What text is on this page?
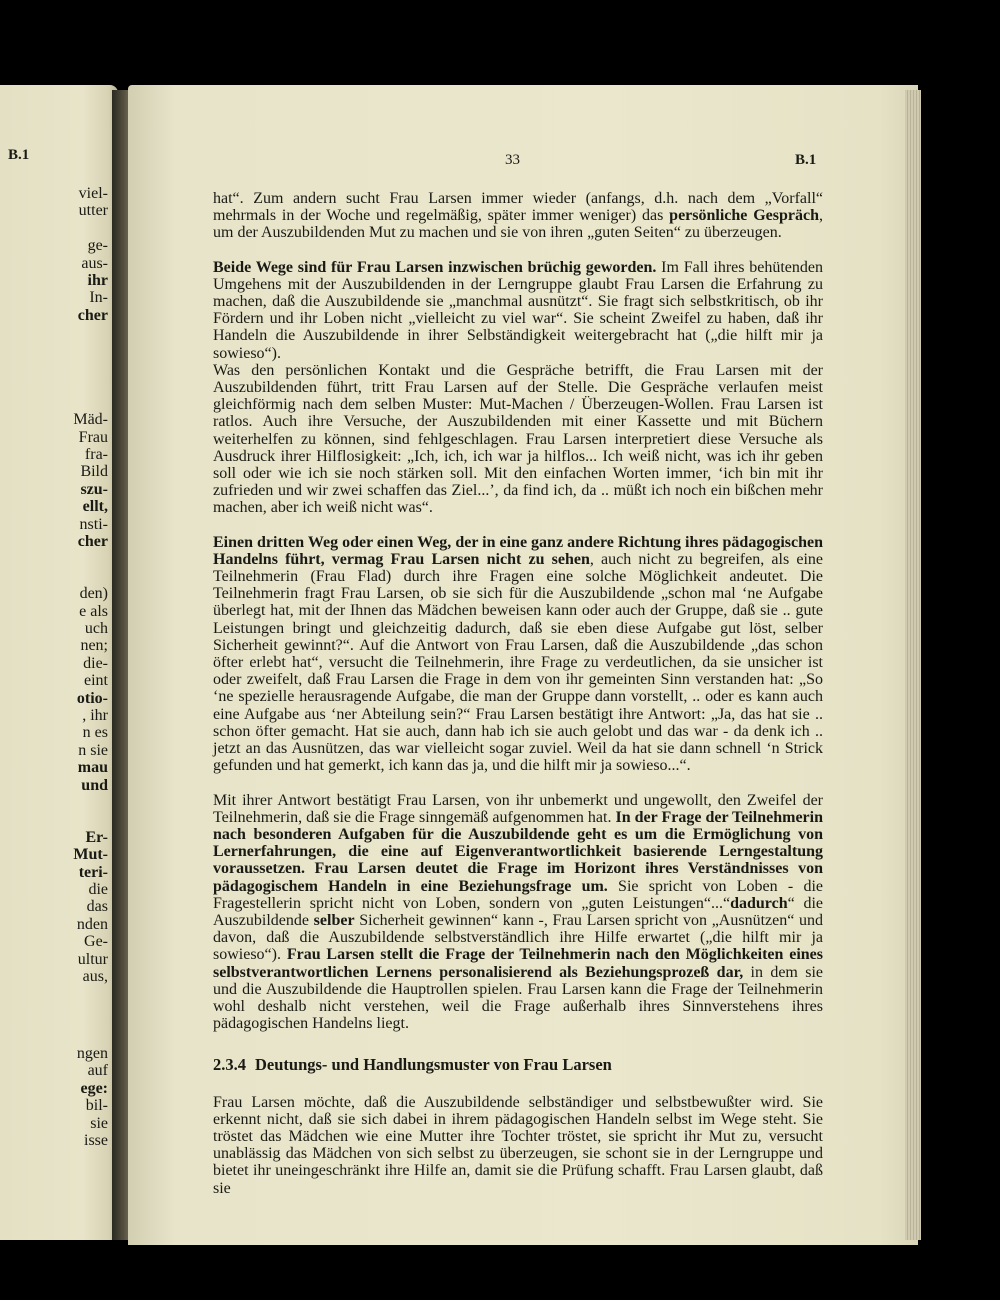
B.1
viel-
utter
ge-
aus-
ihr
In-
cher
Mäd-
Frau
fra-
Bild
szu-
ellt,
nsti-
cher
den)
e als
uch
nen;
die-
eint
otio-
, ihr
n es
n sie
mau
und
Er-
Mut-
teri-
die
das
nden
Ge-
ultur
aus,
ngen
auf
ege:
bil-
sie
isse
33	B.1

hat“. Zum andern sucht Frau Larsen immer wieder (anfangs, d.h. nach dem „Vorfall“ mehrmals in der Woche und regelmäßig, später immer weniger) das persönliche Gespräch, um der Auszubildenden Mut zu machen und sie von ihren „guten Seiten“ zu überzeugen.

Beide Wege sind für Frau Larsen inzwischen brüchig geworden. Im Fall ihres behütenden Umgehens mit der Auszubildenden in der Lerngruppe glaubt Frau Larsen die Erfahrung zu machen, daß die Auszubildende sie „manchmal ausnützt“. Sie fragt sich selbstkritisch, ob ihr Fördern und ihr Loben nicht „vielleicht zu viel war“. Sie scheint Zweifel zu haben, daß ihr Handeln die Auszubildende in ihrer Selbständigkeit weitergebracht hat („die hilft mir ja sowieso“).

Was den persönlichen Kontakt und die Gespräche betrifft, die Frau Larsen mit der Auszubildenden führt, tritt Frau Larsen auf der Stelle. Die Gespräche verlaufen meist gleichförmig nach dem selben Muster: Mut-Machen / Überzeugen-Wollen. Frau Larsen ist ratlos. Auch ihre Versuche, der Auszubildenden mit einer Kassette und mit Büchern weiterhelfen zu können, sind fehlgeschlagen. Frau Larsen interpretiert diese Versuche als Ausdruck ihrer Hilflosigkeit: „Ich, ich, ich war ja hilflos... Ich weiß nicht, was ich ihr geben soll oder wie ich sie noch stärken soll. Mit den einfachen Worten immer, ‘ich bin mit ihr zufrieden und wir zwei schaffen das Ziel...’, da find ich, da .. müßt ich noch ein bißchen mehr machen, aber ich weiß nicht was“.

Einen dritten Weg oder einen Weg, der in eine ganz andere Richtung ihres pädagogischen Handelns führt, vermag Frau Larsen nicht zu sehen, auch nicht zu begreifen, als eine Teilnehmerin (Frau Flad) durch ihre Fragen eine solche Möglichkeit andeutet. Die Teilnehmerin fragt Frau Larsen, ob sie sich für die Auszubildende „schon mal ‘ne Aufgabe überlegt hat, mit der Ihnen das Mädchen beweisen kann oder auch der Gruppe, daß sie .. gute Leistungen bringt und gleichzeitig dadurch, daß sie eben diese Aufgabe gut löst, selber Sicherheit gewinnt?“. Auf die Antwort von Frau Larsen, daß die Auszubildende „das schon öfter erlebt hat“, versucht die Teilnehmerin, ihre Frage zu verdeutlichen, da sie unsicher ist oder zweifelt, daß Frau Larsen die Frage in dem von ihr gemeinten Sinn verstanden hat: „So ‘ne spezielle herausragende Aufgabe, die man der Gruppe dann vorstellt, .. oder es kann auch eine Aufgabe aus ‘ner Abteilung sein?“ Frau Larsen bestätigt ihre Antwort: „Ja, das hat sie .. schon öfter gemacht. Hat sie auch, dann hab ich sie auch gelobt und das war - da denk ich .. jetzt an das Ausnützen, das war vielleicht sogar zuviel. Weil da hat sie dann schnell ‘n Strick gefunden und hat gemerkt, ich kann das ja, und die hilft mir ja sowieso...“.

Mit ihrer Antwort bestätigt Frau Larsen, von ihr unbemerkt und ungewollt, den Zweifel der Teilnehmerin, daß sie die Frage sinngemäß aufgenommen hat. In der Frage der Teilnehmerin nach besonderen Aufgaben für die Auszubildende geht es um die Ermöglichung von Lernerfahrungen, die eine auf Eigenverantwortlichkeit basierende Lerngestaltung voraussetzen. Frau Larsen deutet die Frage im Horizont ihres Verständnisses von pädagogischem Handeln in eine Beziehungsfrage um. Sie spricht von Loben - die Fragestellerin spricht nicht von Loben, sondern von „guten Leistungen“...“dadurch“ die Auszubildende selber Sicherheit gewinnen“ kann -, Frau Larsen spricht von „Ausnützen“ und davon, daß die Auszubildende selbstverständlich ihre Hilfe erwartet („die hilft mir ja sowieso“). Frau Larsen stellt die Frage der Teilnehmerin nach den Möglichkeiten eines selbstverantwortlichen Lernens personalisierend als Beziehungsprozeß dar, in dem sie und die Auszubildende die Hauptrollen spielen. Frau Larsen kann die Frage der Teilnehmerin wohl deshalb nicht verstehen, weil die Frage außerhalb ihres Sinnverstehens ihres pädagogischen Handelns liegt.

2.3.4 Deutungs- und Handlungsmuster von Frau Larsen

Frau Larsen möchte, daß die Auszubildende selbständiger und selbstbewußter wird. Sie erkennt nicht, daß sie sich dabei in ihrem pädagogischen Handeln selbst im Wege steht. Sie tröstet das Mädchen wie eine Mutter ihre Tochter tröstet, sie spricht ihr Mut zu, versucht unablässig das Mädchen von sich selbst zu überzeugen, sie schont sie in der Lerngruppe und bietet ihr uneingeschränkt ihre Hilfe an, damit sie die Prüfung schafft. Frau Larsen glaubt, daß sie
